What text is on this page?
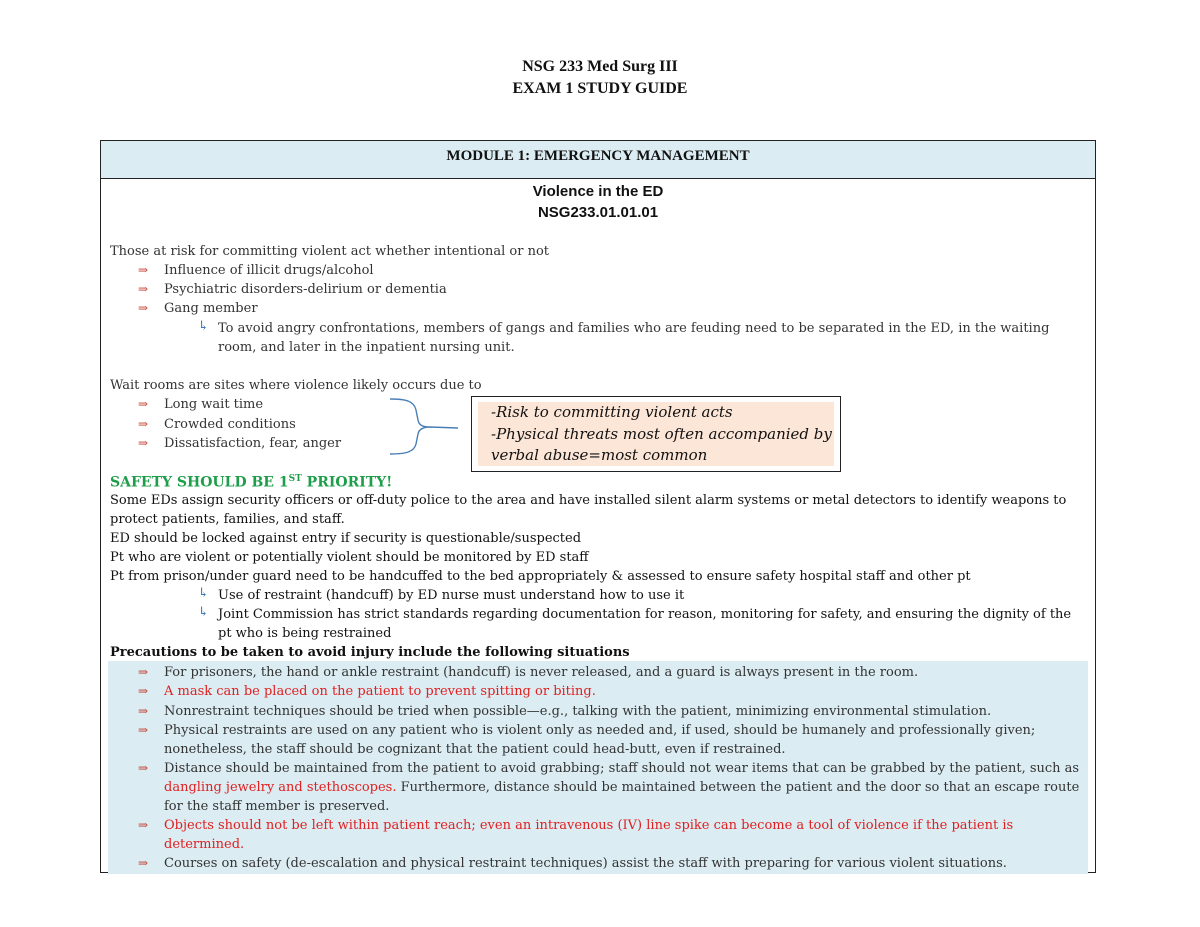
NSG 233 Med Surg III
EXAM 1 STUDY GUIDE
MODULE 1: EMERGENCY MANAGEMENT
Violence in the ED
NSG233.01.01.01
Those at risk for committing violent act whether intentional or not
⇒ Influence of illicit drugs/alcohol
⇒ Psychiatric disorders-delirium or dementia
⇒ Gang member
↳ To avoid angry confrontations, members of gangs and families who are feuding need to be separated in the ED, in the waiting
room, and later in the inpatient nursing unit.
Wait rooms are sites where violence likely occurs due to
⇒ Long wait time
⇒ Crowded conditions
⇒ Dissatisfaction, fear, anger
-Risk to committing violent acts
-Physical threats most often accompanied by
verbal abuse=most common
SAFETY SHOULD BE 1ST PRIORITY!
Some EDs assign security officers or off-duty police to the area and have installed silent alarm systems or metal detectors to identify weapons to
protect patients, families, and staff.
ED should be locked against entry if security is questionable/suspected
Pt who are violent or potentially violent should be monitored by ED staff
Pt from prison/under guard need to be handcuffed to the bed appropriately & assessed to ensure safety hospital staff and other pt
↳ Use of restraint (handcuff) by ED nurse must understand how to use it
↳ Joint Commission has strict standards regarding documentation for reason, monitoring for safety, and ensuring the dignity of the
pt who is being restrained
Precautions to be taken to avoid injury include the following situations
⇒ For prisoners, the hand or ankle restraint (handcuff) is never released, and a guard is always present in the room.
⇒ A mask can be placed on the patient to prevent spitting or biting.
⇒ Nonrestraint techniques should be tried when possible—e.g., talking with the patient, minimizing environmental stimulation.
⇒ Physical restraints are used on any patient who is violent only as needed and, if used, should be humanely and professionally given;
nonetheless, the staff should be cognizant that the patient could head-butt, even if restrained.
⇒ Distance should be maintained from the patient to avoid grabbing; staff should not wear items that can be grabbed by the patient, such as
dangling jewelry and stethoscopes. Furthermore, distance should be maintained between the patient and the door so that an escape route
for the staff member is preserved.
⇒ Objects should not be left within patient reach; even an intravenous (IV) line spike can become a tool of violence if the patient is
determined.
⇒ Courses on safety (de-escalation and physical restraint techniques) assist the staff with preparing for various violent situations.
